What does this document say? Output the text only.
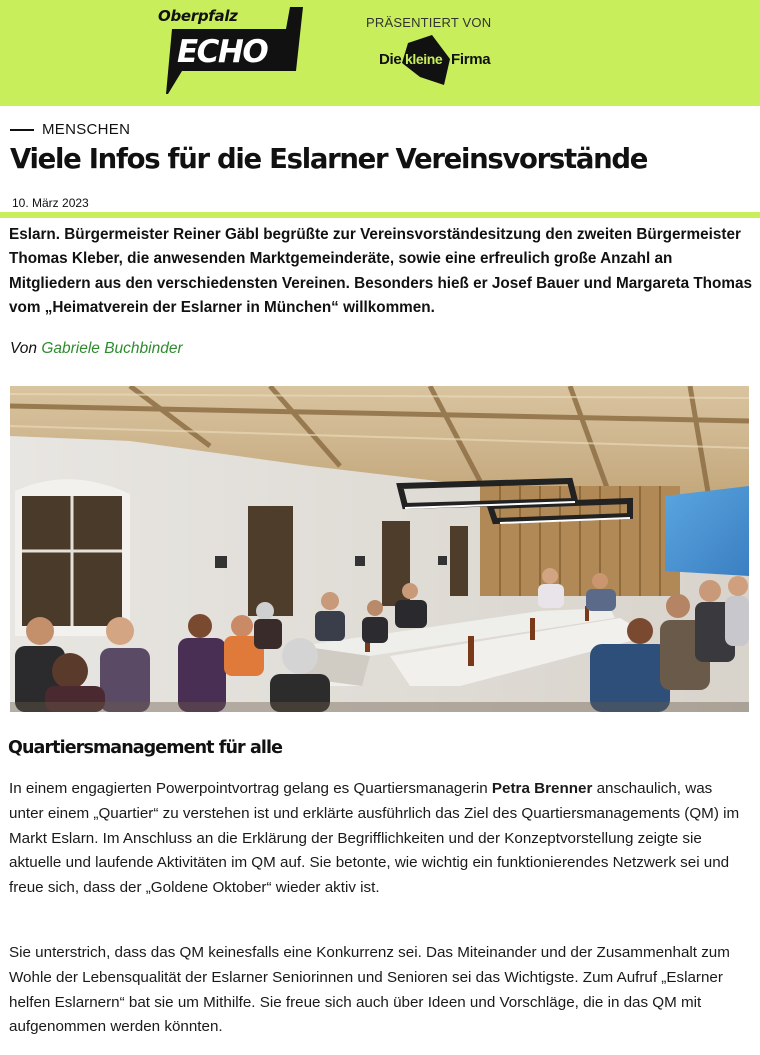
Oberpfalz
ECHO
PRÄSENTIERT VON
Die kleine Firma
MENSCHEN
Viele Infos für die Eslarner Vereinsvorstände
10. März 2023

Eslarn. Bürgermeister Reiner Gäbl begrüßte zur Vereinsvorständesitzung den zweiten Bürgermeister Thomas Kleber, die anwesenden Marktgemeinderäte, sowie eine erfreulich große Anzahl an Mitgliedern aus den verschiedensten Vereinen. Besonders hieß er Josef Bauer und Margareta Thomas vom „Heimatverein der Eslarner in München“ willkommen.

Von Gabriele Buchbinder

Quartiersmanagement für alle

In einem engagierten Powerpointvortrag gelang es Quartiersmanagerin Petra Brenner anschaulich, was unter einem „Quartier“ zu verstehen ist und erklärte ausführlich das Ziel des Quartiersmanagements (QM) im Markt Eslarn. Im Anschluss an die Erklärung der Begrifflichkeiten und der Konzeptvorstellung zeigte sie aktuelle und laufende Aktivitäten im QM auf. Sie betonte, wie wichtig ein funktionierendes Netzwerk sei und freue sich, dass der „Goldene Oktober“ wieder aktiv ist.

Sie unterstrich, dass das QM keinesfalls eine Konkurrenz sei. Das Miteinander und der Zusammenhalt zum Wohle der Lebensqualität der Eslarner Seniorinnen und Senioren sei das Wichtigste. Zum Aufruf „Eslarner helfen Eslarnern“ bat sie um Mithilfe. Sie freue sich auch über Ideen und Vorschläge, die in das QM mit aufgenommen werden könnten.
